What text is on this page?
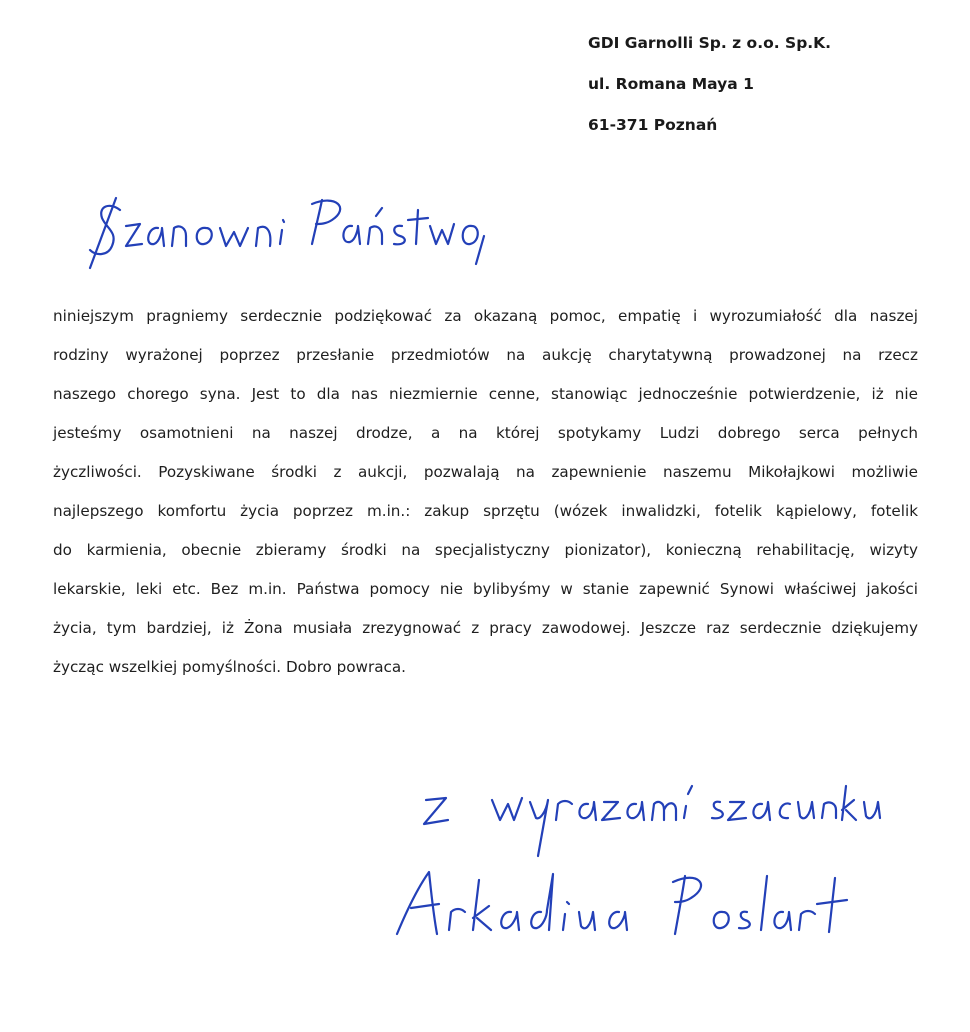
GDI Garnolli Sp. z o.o. Sp.K.
ul. Romana Maya 1
61-371 Poznań
niniejszym pragniemy serdecznie podziękować za okazaną pomoc, empatię i wyrozumiałość dla naszej
rodziny wyrażonej poprzez przesłanie przedmiotów na aukcję charytatywną prowadzonej na rzecz
naszego chorego syna. Jest to dla nas niezmiernie cenne, stanowiąc jednocześnie potwierdzenie, iż nie
jesteśmy osamotnieni na naszej drodze, a na której spotykamy Ludzi dobrego serca pełnych
życzliwości. Pozyskiwane środki z aukcji, pozwalają na zapewnienie naszemu Mikołajkowi możliwie
najlepszego komfortu życia poprzez m.in.: zakup sprzętu (wózek inwalidzki, fotelik kąpielowy, fotelik
do karmienia, obecnie zbieramy środki na specjalistyczny pionizator), konieczną rehabilitację, wizyty
lekarskie, leki etc. Bez m.in. Państwa pomocy nie bylibyśmy w stanie zapewnić Synowi właściwej jakości
życia, tym bardziej, iż Żona musiała zrezygnować z pracy zawodowej. Jeszcze raz serdecznie dziękujemy
życząc wszelkiej pomyślności. Dobro powraca.
